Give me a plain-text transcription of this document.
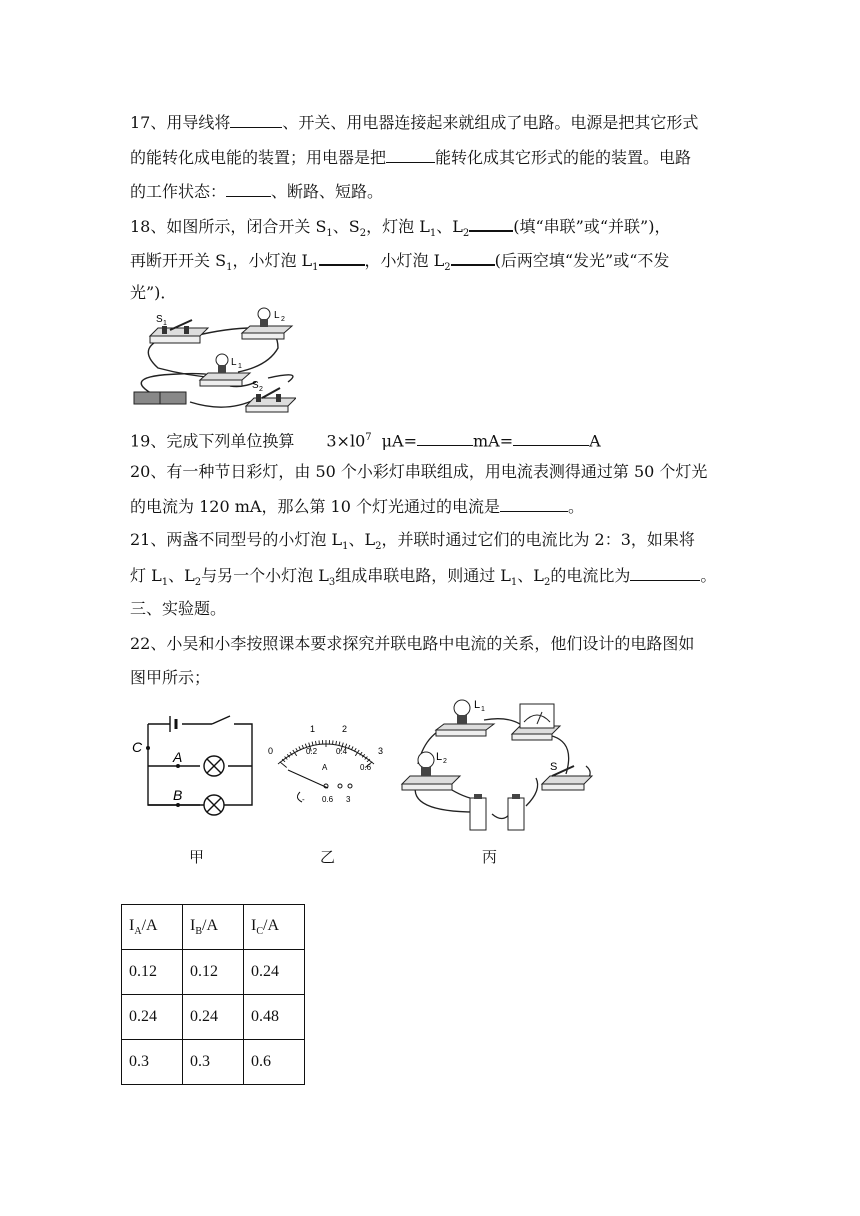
17、用导线将	、开关、用电器连接起来就组成了电路。电源是把其它形式
的能转化成电能的装置；用电器是把	能转化成其它形式的能的装置。电路
的工作状态：	、断路、短路。
18、如图所示，闭合开关 $S_1$、$S_2$，灯泡 $L_1$、$L_2$	(填“串联”或“并联”)，
再断开开关 $S_1$，小灯泡 $L_1$	，小灯泡 $L_2$	(后两空填“发光”或“不发
光”)．
S 1
L 2
L 1
S 2
19、完成下列单位换算 $3\times l0^7$ μA=	mA=	A
20、有一种节日彩灯，由 50 个小彩灯串联组成，用电流表测得通过第 50 个灯光
的电流为 120 mA，那么第 10 个灯光通过的电流是	。
21、两盏不同型号的小灯泡 $L_1$、$L_2$，并联时通过它们的电流比为 2：3，如果将
灯 $L_1$、$L_2$与另一个小灯泡 $L_3$组成串联电路，则通过 $L_1$、$L_2$的电流比为	。
三、实验题。
22、小吴和小李按照课本要求探究并联电路中电流的关系，他们设计的电路图如
图甲所示；
C
A
B
0
1	2
3
0.2 0.4
0.6
A
- 0.6 3
L 1
L 2	S
甲	乙	丙
$I_A/A$	$I_B/A$	$I_C/A$
0.12	0.12	0.24
0.24	0.24	0.48
0.3	0.3	0.6
